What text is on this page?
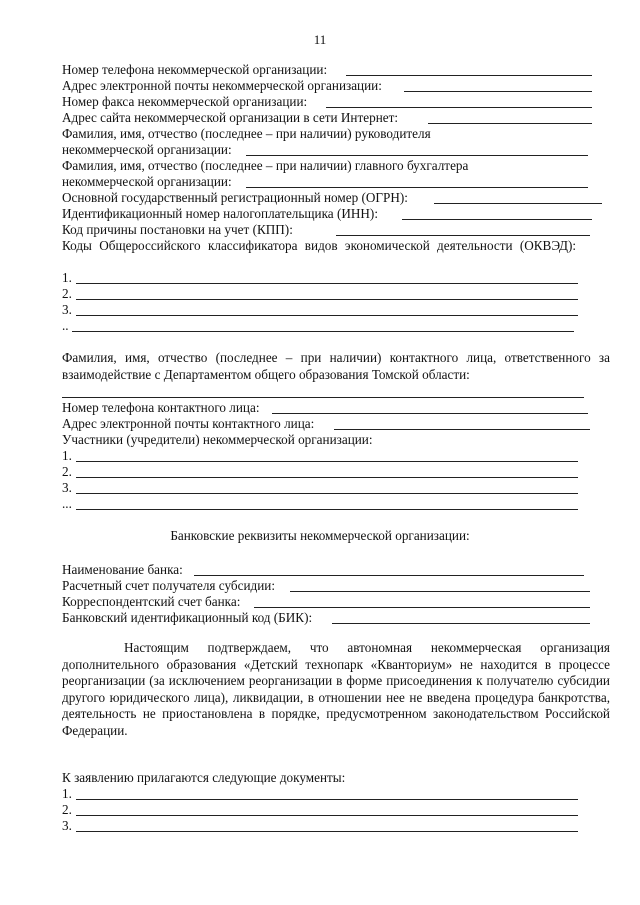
11
Номер телефона некоммерческой организации:
Адрес электронной почты некоммерческой организации:
Номер факса некоммерческой организации:
Адрес сайта некоммерческой организации в сети Интернет:
Фамилия, имя, отчество (последнее – при наличии) руководителя
некоммерческой организации:
Фамилия, имя, отчество (последнее – при наличии) главного бухгалтера
некоммерческой организации:
Основной государственный регистрационный номер (ОГРН):
Идентификационный номер налогоплательщика (ИНН):
Код причины постановки на учет (КПП):
Коды Общероссийского классификатора видов экономической деятельности (ОКВЭД):
1.
2.
3.
..
Фамилия, имя, отчество (последнее – при наличии) контактного лица, ответственного за взаимодействие с Департаментом общего образования Томской области:
Номер телефона контактного лица:
Адрес электронной почты контактного лица:
Участники (учредители) некоммерческой организации:
1.
2.
3.
...
Банковские реквизиты некоммерческой организации:
Наименование банка:
Расчетный счет получателя субсидии:
Корреспондентский счет банка:
Банковский идентификационный код (БИК):
Настоящим подтверждаем, что автономная некоммерческая организация дополнительного образования «Детский технопарк «Кванториум» не находится в процессе реорганизации (за исключением реорганизации в форме присоединения к получателю субсидии другого юридического лица), ликвидации, в отношении нее не введена процедура банкротства, деятельность не приостановлена в порядке, предусмотренном законодательством Российской Федерации.
К заявлению прилагаются следующие документы:
1.
2.
3.
